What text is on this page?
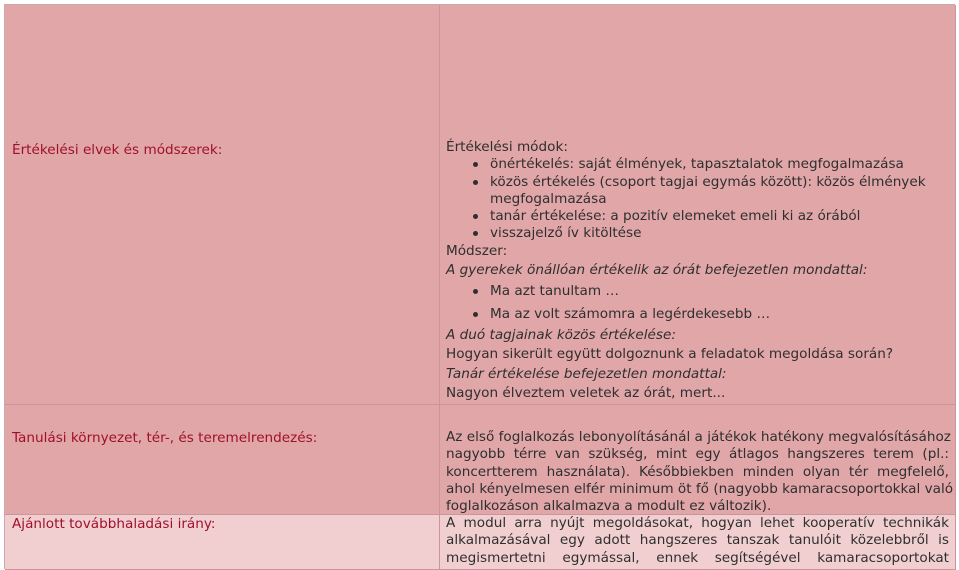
Értékelési elvek és módszerek:	Értékelési módok:
önértékelés: saját élmények, tapasztalatok megfogalmazása
közös értékelés (csoport tagjai egymás között): közös élmények
megfogalmazása
tanár értékelése: a pozitív elemeket emeli ki az órából
visszajelző ív kitöltése
Módszer:
A gyerekek önállóan értékelik az órát befejezetlen mondattal:
Ma azt tanultam …
Ma az volt számomra a legérdekesebb …
A duó tagjainak közös értékelése:
Hogyan sikerült együtt dolgoznunk a feladatok megoldása során?
Tanár értékelése befejezetlen mondattal:
Nagyon élveztem veletek az órát, mert...
Tanulási környezet, tér-, és teremelrendezés:	Az első foglalkozás lebonyolításánál a játékok hatékony megvalósításához
nagyobb térre van szükség, mint egy átlagos hangszeres terem (pl.:
koncertterem használata). Későbbiekben minden olyan tér megfelelő,
ahol kényelmesen elfér minimum öt fő (nagyobb kamaracsoportokkal való
foglalkozáson alkalmazva a modult ez változik).
Ajánlott továbbhaladási irány:	A modul arra nyújt megoldásokat, hogyan lehet kooperatív technikák
alkalmazásával egy adott hangszeres tanszak tanulóit közelebbről is
megismertetni egymással, ennek segítségével kamaracsoportokat
